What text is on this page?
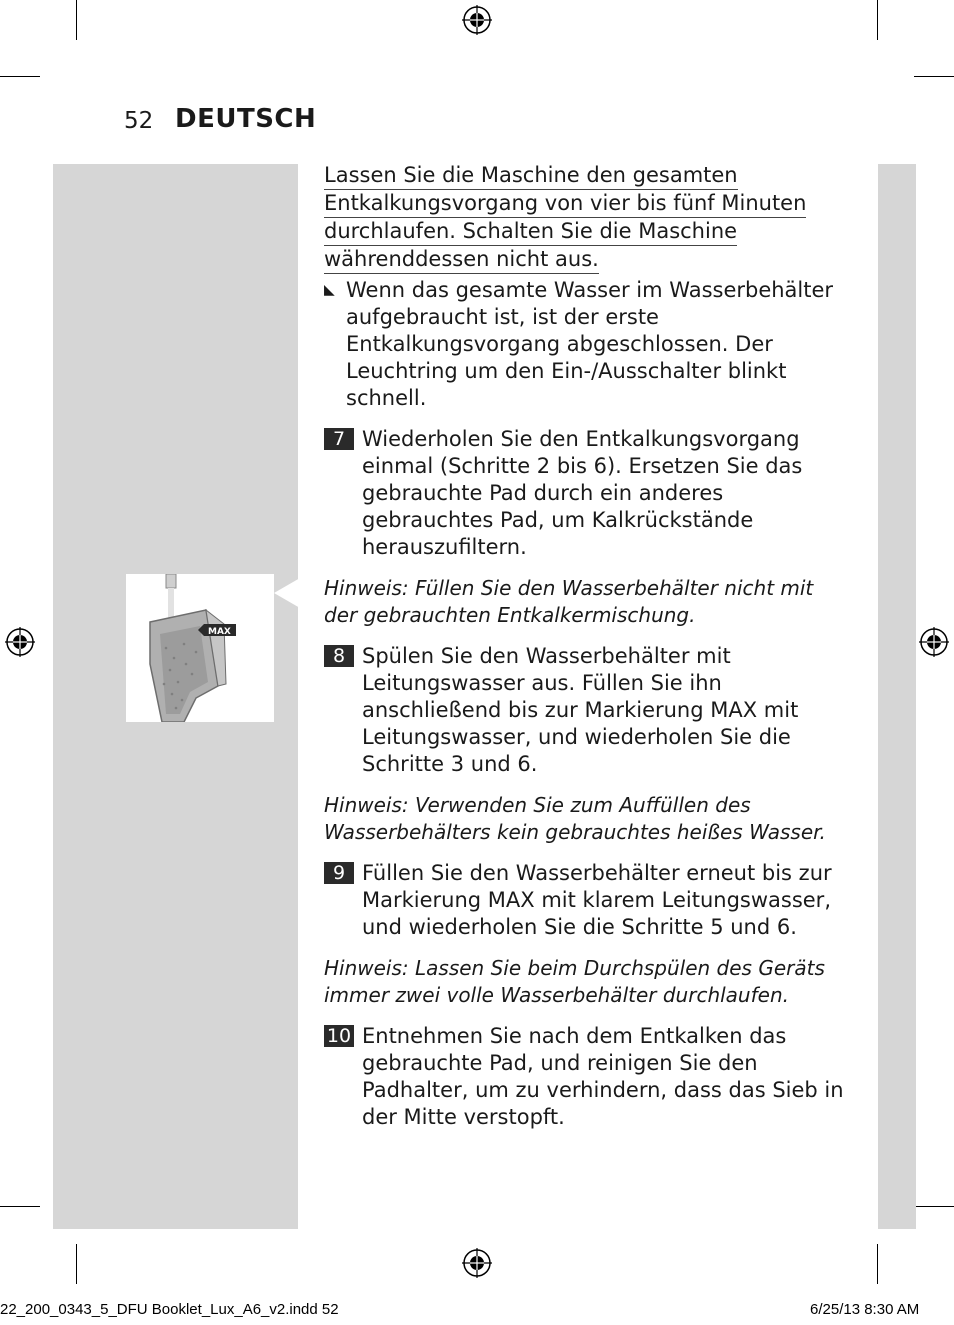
52 DEUTSCH
MAX
Lassen Sie die Maschine den gesamten
Entkalkungsvorgang von vier bis fünf Minuten
durchlaufen. Schalten Sie die Maschine
währenddessen nicht aus.
◣ Wenn das gesamte Wasser im Wasserbehälter aufgebraucht ist, ist der erste Entkalkungsvorgang abgeschlossen. Der Leuchtring um den Ein-/Ausschalter blinkt schnell.
7 Wiederholen Sie den Entkalkungsvorgang einmal (Schritte 2 bis 6). Ersetzen Sie das gebrauchte Pad durch ein anderes gebrauchtes Pad, um Kalkrückstände herauszufiltern.
Hinweis: Füllen Sie den Wasserbehälter nicht mit der gebrauchten Entkalkermischung.
8 Spülen Sie den Wasserbehälter mit Leitungswasser aus. Füllen Sie ihn anschließend bis zur Markierung MAX mit Leitungswasser, und wiederholen Sie die Schritte 3 und 6.
Hinweis: Verwenden Sie zum Auffüllen des Wasserbehälters kein gebrauchtes heißes Wasser.
9 Füllen Sie den Wasserbehälter erneut bis zur Markierung MAX mit klarem Leitungswasser, und wiederholen Sie die Schritte 5 und 6.
Hinweis: Lassen Sie beim Durchspülen des Geräts immer zwei volle Wasserbehälter durchlaufen.
10 Entnehmen Sie nach dem Entkalken das gebrauchte Pad, und reinigen Sie den Padhalter, um zu verhindern, dass das Sieb in der Mitte verstopft.
22_200_0343_5_DFU Booklet_Lux_A6_v2.indd 52	6/25/13 8:30 AM
